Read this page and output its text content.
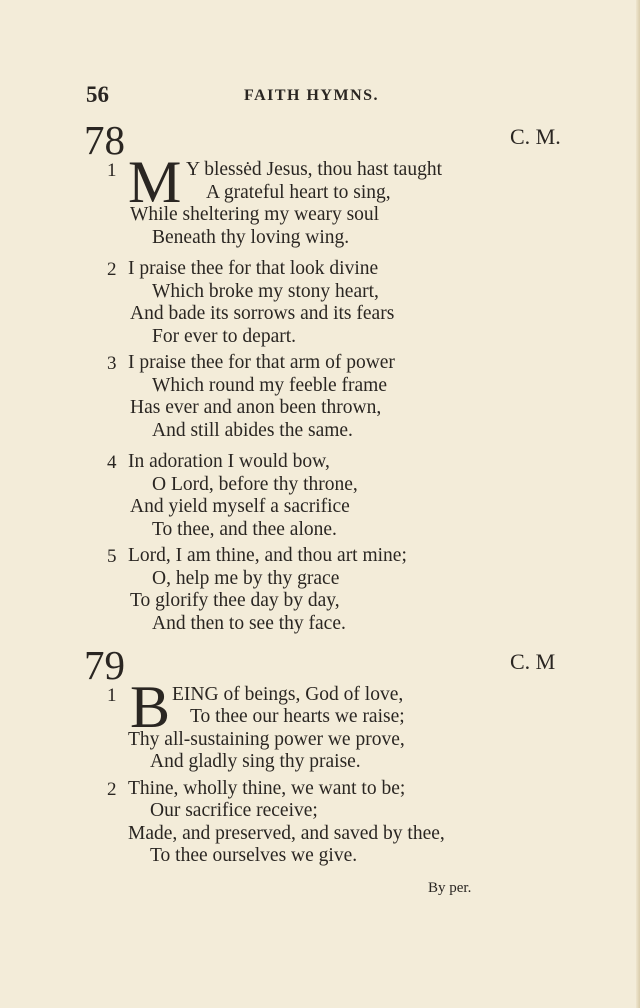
56	FAITH HYMNS.
78	C. M.
1 M Y blessėd Jesus, thou hast taught
A grateful heart to sing,
While sheltering my weary soul
Beneath thy loving wing.
2 I praise thee for that look divine
Which broke my stony heart,
And bade its sorrows and its fears
For ever to depart.
3 I praise thee for that arm of power
Which round my feeble frame
Has ever and anon been thrown,
And still abides the same.
4 In adoration I would bow,
O Lord, before thy throne,
And yield myself a sacrifice
To thee, and thee alone.
5 Lord, I am thine, and thou art mine;
O, help me by thy grace
To glorify thee day by day,
And then to see thy face.
79	C. M
1 B EING of beings, God of love,
To thee our hearts we raise;
Thy all-sustaining power we prove,
And gladly sing thy praise.
2 Thine, wholly thine, we want to be;
Our sacrifice receive;
Made, and preserved, and saved by thee,
To thee ourselves we give.
By per.
